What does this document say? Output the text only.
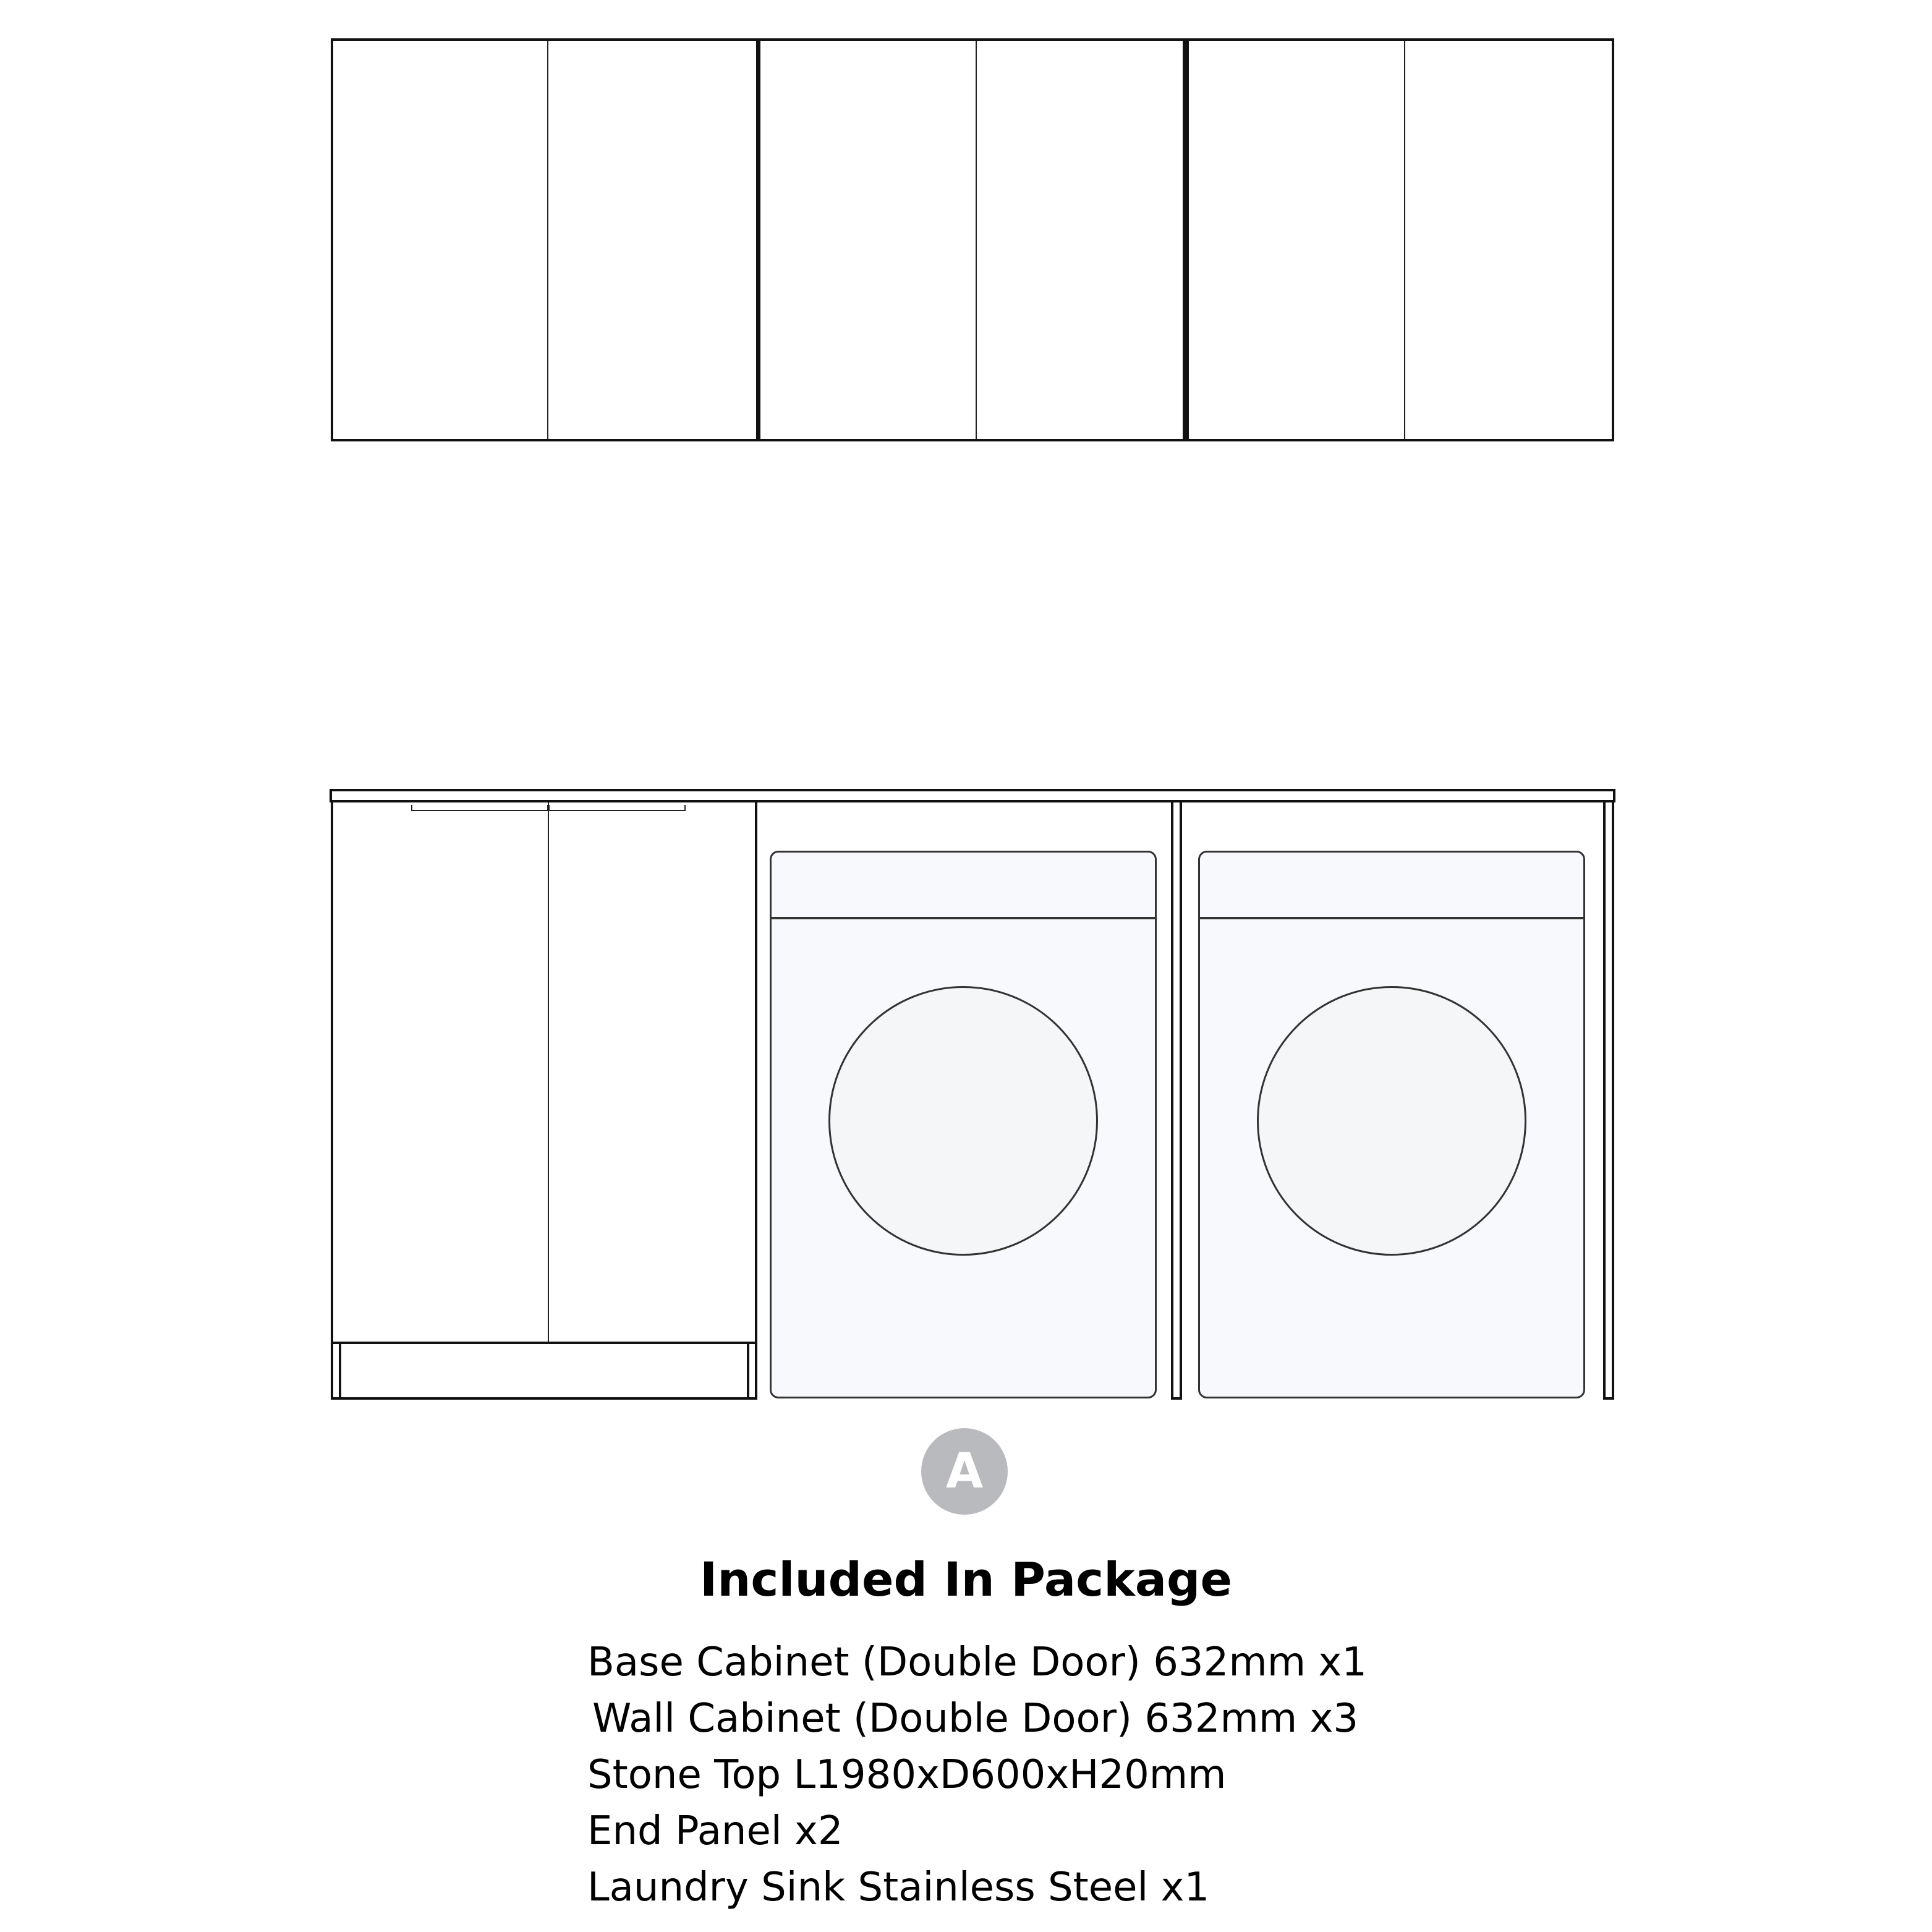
A
Included In Package
Base Cabinet (Double Door) 632mm x1
Wall Cabinet (Double Door) 632mm x3
Stone Top L1980xD600xH20mm
End Panel x2
Laundry Sink Stainless Steel x1
